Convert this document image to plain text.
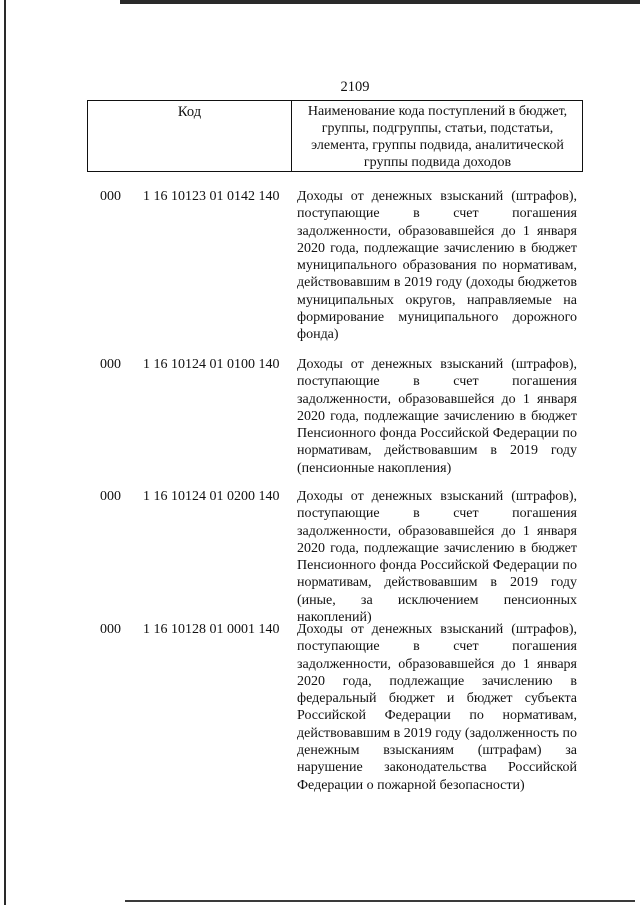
2109
Код	Наименование кода поступлений в бюджет, группы, подгруппы, статьи, подстатьи, элемента, группы подвида, аналитической группы подвида доходов
000 1 16 10123 01 0142 140 Доходы от денежных взысканий (штрафов), поступающие в счет погашения задолженности, образовавшейся до 1 января 2020 года, подлежащие зачислению в бюджет муниципального образования по нормативам, действовавшим в 2019 году (доходы бюджетов муниципальных округов, направляемые на формирование муниципального дорожного фонда)
000 1 16 10124 01 0100 140 Доходы от денежных взысканий (штрафов), поступающие в счет погашения задолженности, образовавшейся до 1 января 2020 года, подлежащие зачислению в бюджет Пенсионного фонда Российской Федерации по нормативам, действовавшим в 2019 году (пенсионные накопления)
000 1 16 10124 01 0200 140 Доходы от денежных взысканий (штрафов), поступающие в счет погашения задолженности, образовавшейся до 1 января 2020 года, подлежащие зачислению в бюджет Пенсионного фонда Российской Федерации по нормативам, действовавшим в 2019 году (иные, за исключением пенсионных накоплений)
000 1 16 10128 01 0001 140 Доходы от денежных взысканий (штрафов), поступающие в счет погашения задолженности, образовавшейся до 1 января 2020 года, подлежащие зачислению в федеральный бюджет и бюджет субъекта Российской Федерации по нормативам, действовавшим в 2019 году (задолженность по денежным взысканиям (штрафам) за нарушение законодательства Российской Федерации о пожарной безопасности)
